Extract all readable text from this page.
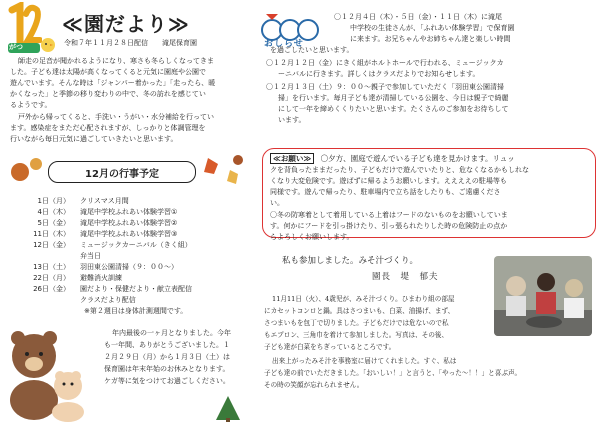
がつ
≪園だより≫
令和７年１１月２８日配信　　滝尾保育園

師走の足音が聞かれるようになり、寒さも冬らしくなってきま

した。子ども達は太陽が高くなってくると元気に園庭や公園で

遊んでいます。そんな時は「ジャンパー着かった」「走ったら、暖

かくなった」と季節の移り変わりの中で、冬の訪れを感じてい

るようです。

戸外から帰ってくると、手洗い・うがい・水分補給を行ってい

ます。感染症をまただ心配されますが、しっかりと体調管理を

行いながら毎日元気に過ごしていきたいと思います。

12月の行事予定
1日（月） クリスマス月間
4日（木） 滝尾中学校ふれあい体験学習①
5日（金） 滝尾中学校ふれあい体験学習②
11日（木） 滝尾中学校ふれあい体験学習③
12日（金） ミュージックカーニバル（きく組）
弁当日
13日（土） 羽田東公園清掃（９：００～）
22日（月） 避難消火訓練
26日（金） 園だより・保健だより・献立表配信
クラスだより配信
※第２週目は身体計測週間です。

年内最後の一ヶ月となりました。今年

も一年間、ありがとうございました。１

２月２９日（月）から１月３日（土）は

保育園は年末年始のお休みとなります。

ケガ等に気をつけてお過ごしください。

おしらせ

〇１２月４日（木）・５日（金）・１１日（木）に滝尾

中学校の生徒さんが、「ふれあい体験学習」で保育園

に来ます。お兄ちゃんやお姉ちゃん達と楽しい時間

を過ごしたいと思います。

〇１２月１２日（金）にきく組がホルトホールで行われる、ミュージックカ

ーニバルに行きます。詳しくはクラスだよりでお知らせします。

〇１２月１３日（土）９：００～親子で参加していただく「羽田東公園清掃

掃」を行います。毎月子ども達が清掃している公園を、今日は親子で綺麗

にして一年を締めくくりたいと思います。たくさんのご参加をお待ちして

います。

≪お願い≫ 〇夕方、園庭で遊んでいる子ども達を見かけます。リュッ

クを背負ったままだったり、子どもだけで遊んでいたりと、危なくなるかもしれな

くなり大変危険です。遊ばずに帰るようお願いします。ええええの駐場等も

同様です。遊んで帰ったり、駐車場内で立ち話をしたりも、ご遠慮くださ

い。

〇冬の防寒着として着用している上着はフードのないものをお願いしていま

す。何かにフードを引っ掛けたり、引っ張られたりした時の危険防止の点か

らよろしくお願いします。

私も参加しました。みそ汁づくり。
園長　堤　郁夫

11月11日（火）、4歳児が、みそ汁づくり。ひまわり組の部屋

にカセットコンロと鍋。具はさつまいも、白菜、油揚げ、まず、

さつまいもを包丁で切りました。子どもだけでは危ないので私

もエプロン、三角巾を着けて参加しました。写真は、その後、

子ども達が白菜をちぎっているところです。

出来上がったみそ汁を事務室に届けてくれました。すぐ、私は

子ども達の前でいただきました。「おいしい！」と言うと、「やった〜！！」と喜ぶ声。

その時の笑顔が忘れられません。
